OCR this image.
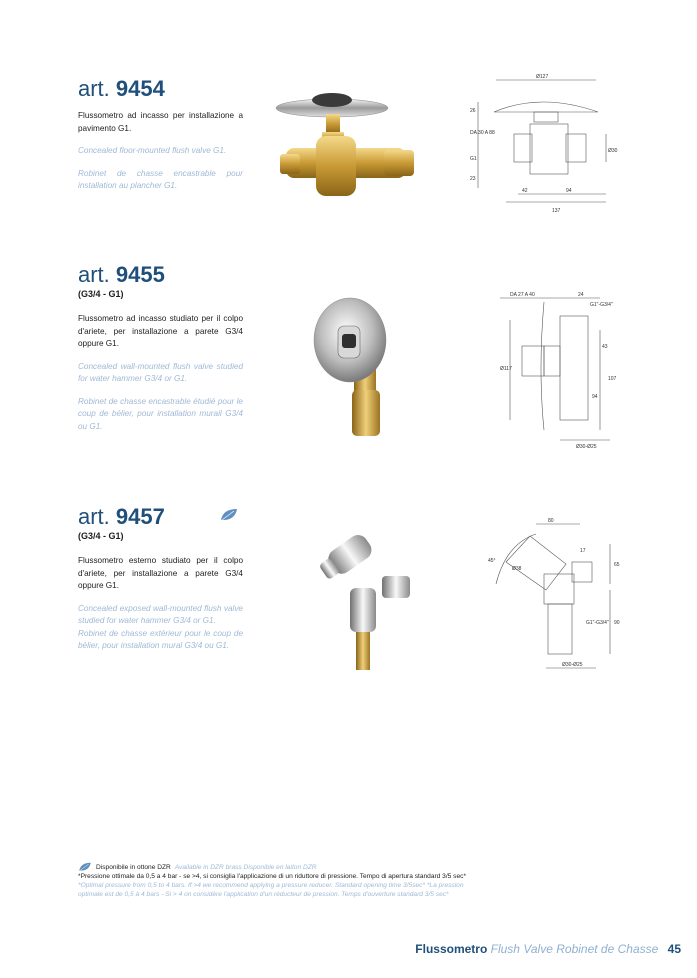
art. 9454

Flussometro ad incasso per installazione a pavimento G1.

Concealed floor-mounted flush valve G1.

Robinet de chasse encastrable pour installation au plancher G1.

Ø127
26
DA 30 A 88
G1
23
42	94
137
Ø30
art. 9455
(G3/4 - G1)

Flussometro ad incasso studiato per il colpo d'ariete, per installazione a parete G3/4 oppure G1.

Concealed wall-mounted flush valve studied for water hammer G3/4 or G1.

Robinet de chasse encastrable étudié pour le coup de bélier, pour installation murail G3/4 ou G1.

DA 27 A 40	24
G1"-G3/4"
Ø117
43
107
94
Ø30-Ø25
art. 9457
(G3/4 - G1)

Flussometro esterno studiato per il colpo d'ariete, per installazione a parete G3/4 oppure G1.

Concealed exposed wall-mounted flush valve studied for water hammer G3/4 or G1.

Robinet de chasse extérieur pour le coup de bélier, pour installation mural G3/4 ou G1.

80
45°
Ø38
17
65
G1"-G3/4" 90
Ø30-Ø25
Disponibile in ottone DZR Available in DZR brass Disponible en laiton DZR
*Pressione ottimale da 0,5 a 4 bar - se >4, si consiglia l'applicazione di un riduttore di pressione. Tempo di apertura standard 3/5 sec*
*Optimal pressure from 0,5 to 4 bars. If >4 we recommend applying a pressure reducer. Standard opening time 3/5sec* *La pression
optimale est de 0,5 à 4 bars - Si > 4 on considère l'application d'un réducteur de pression. Temps d'ouverture standard 3/5 sec*
Flussometro Flush Valve Robinet de Chasse 45
